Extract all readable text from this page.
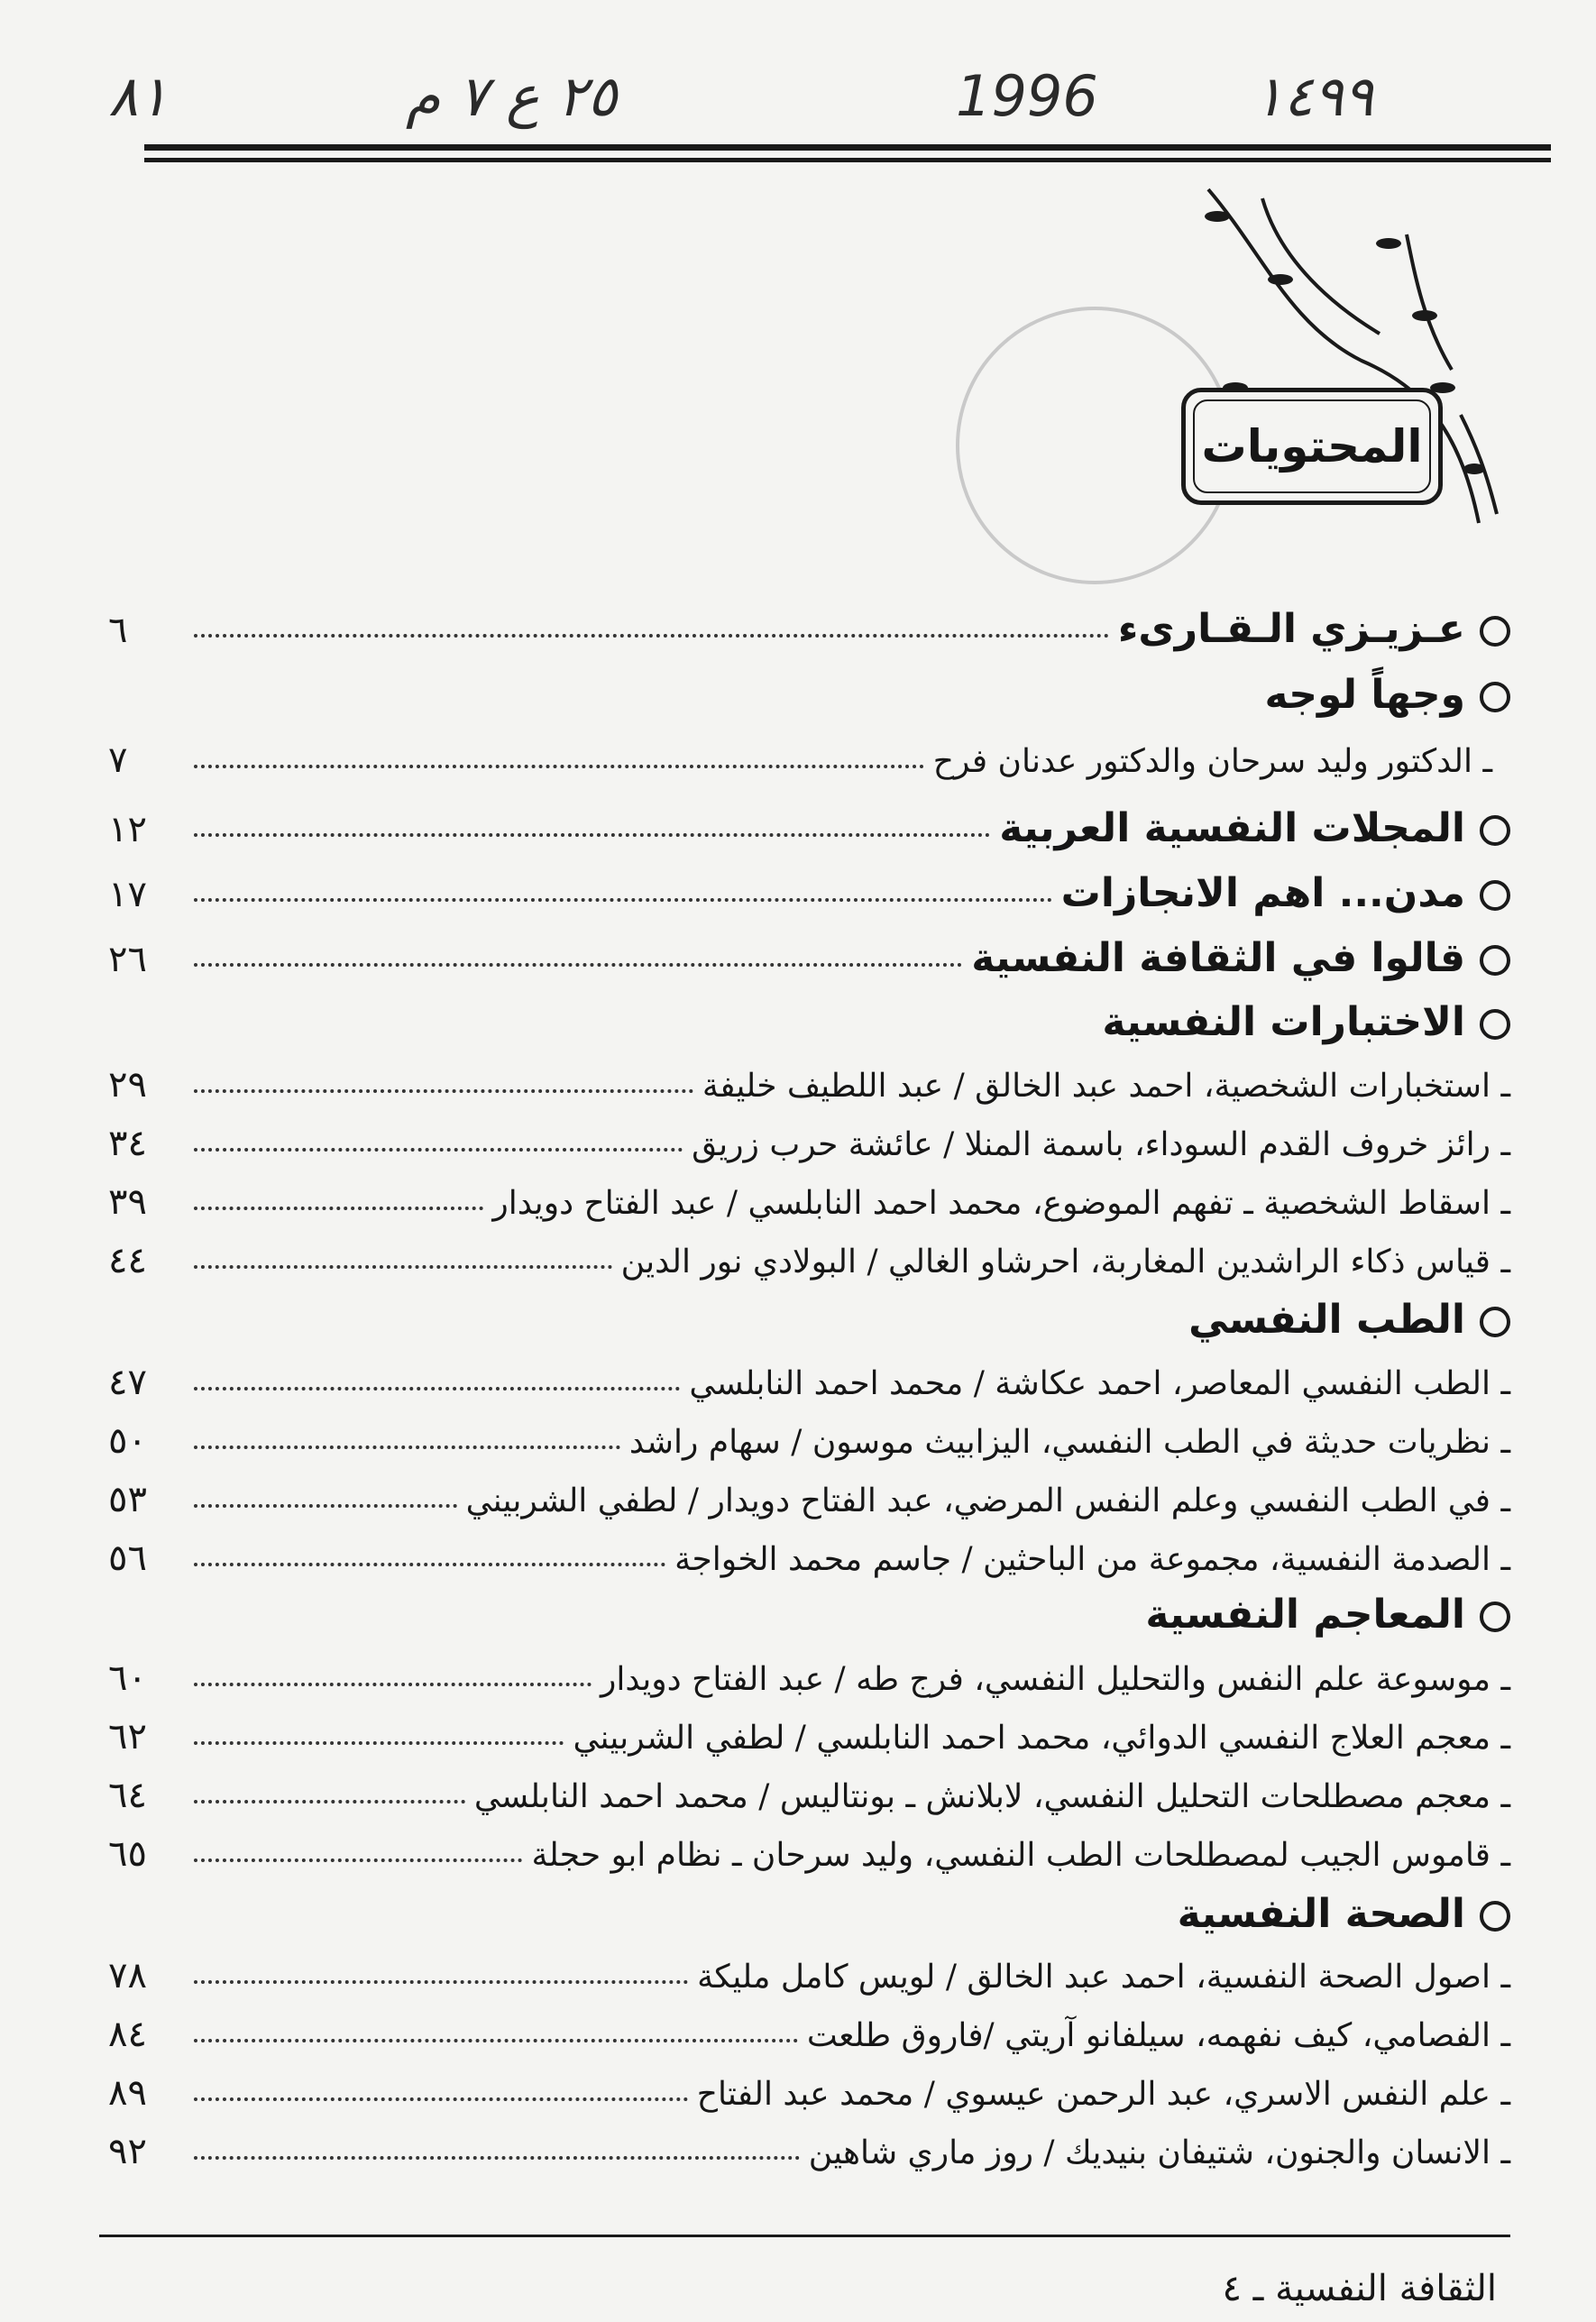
٨١	٢٥ ع ٧ م	1996	١٤٩٩
المحتويات
٦	عـزيـزي الـقـارىء
وجهاً لوجه
٧	ـ الدكتور وليد سرحان والدكتور عدنان فرح
١٢	المجلات النفسية العربية
١٧	مدن... اهم الانجازات
٢٦	قالوا في الثقافة النفسية
الاختبارات النفسية
٢٩	ـ استخبارات الشخصية، احمد عبد الخالق / عبد اللطيف خليفة
٣٤	ـ رائز خروف القدم السوداء، باسمة المنلا / عائشة حرب زريق
٣٩	ـ اسقاط الشخصية ـ تفهم الموضوع، محمد احمد النابلسي / عبد الفتاح دويدار
٤٤	ـ قياس ذكاء الراشدين المغاربة، احرشاو الغالي / البولادي نور الدين
الطب النفسي
٤٧	ـ الطب النفسي المعاصر، احمد عكاشة / محمد احمد النابلسي
٥٠	ـ نظريات حديثة في الطب النفسي، اليزابيث موسون / سهام راشد
٥٣	ـ في الطب النفسي وعلم النفس المرضي، عبد الفتاح دويدار / لطفي الشربيني
٥٦	ـ الصدمة النفسية، مجموعة من الباحثين / جاسم محمد الخواجة
المعاجم النفسية
٦٠	ـ موسوعة علم النفس والتحليل النفسي، فرج طه / عبد الفتاح دويدار
٦٢	ـ معجم العلاج النفسي الدوائي، محمد احمد النابلسي / لطفي الشربيني
٦٤	ـ معجم مصطلحات التحليل النفسي، لابلانش ـ بونتاليس / محمد احمد النابلسي
٦٥	ـ قاموس الجيب لمصطلحات الطب النفسي، وليد سرحان ـ نظام ابو حجلة
الصحة النفسية
٧٨	ـ اصول الصحة النفسية، احمد عبد الخالق / لويس كامل مليكة
٨٤	ـ الفصامي، كيف نفهمه، سيلفانو آريتي /فاروق طلعت
٨٩	ـ علم النفس الاسري، عبد الرحمن عيسوي / محمد عبد الفتاح
٩٢	ـ الانسان والجنون، شتيفان بنيديك / روز ماري شاهين
الثقافة النفسية ـ ٤
